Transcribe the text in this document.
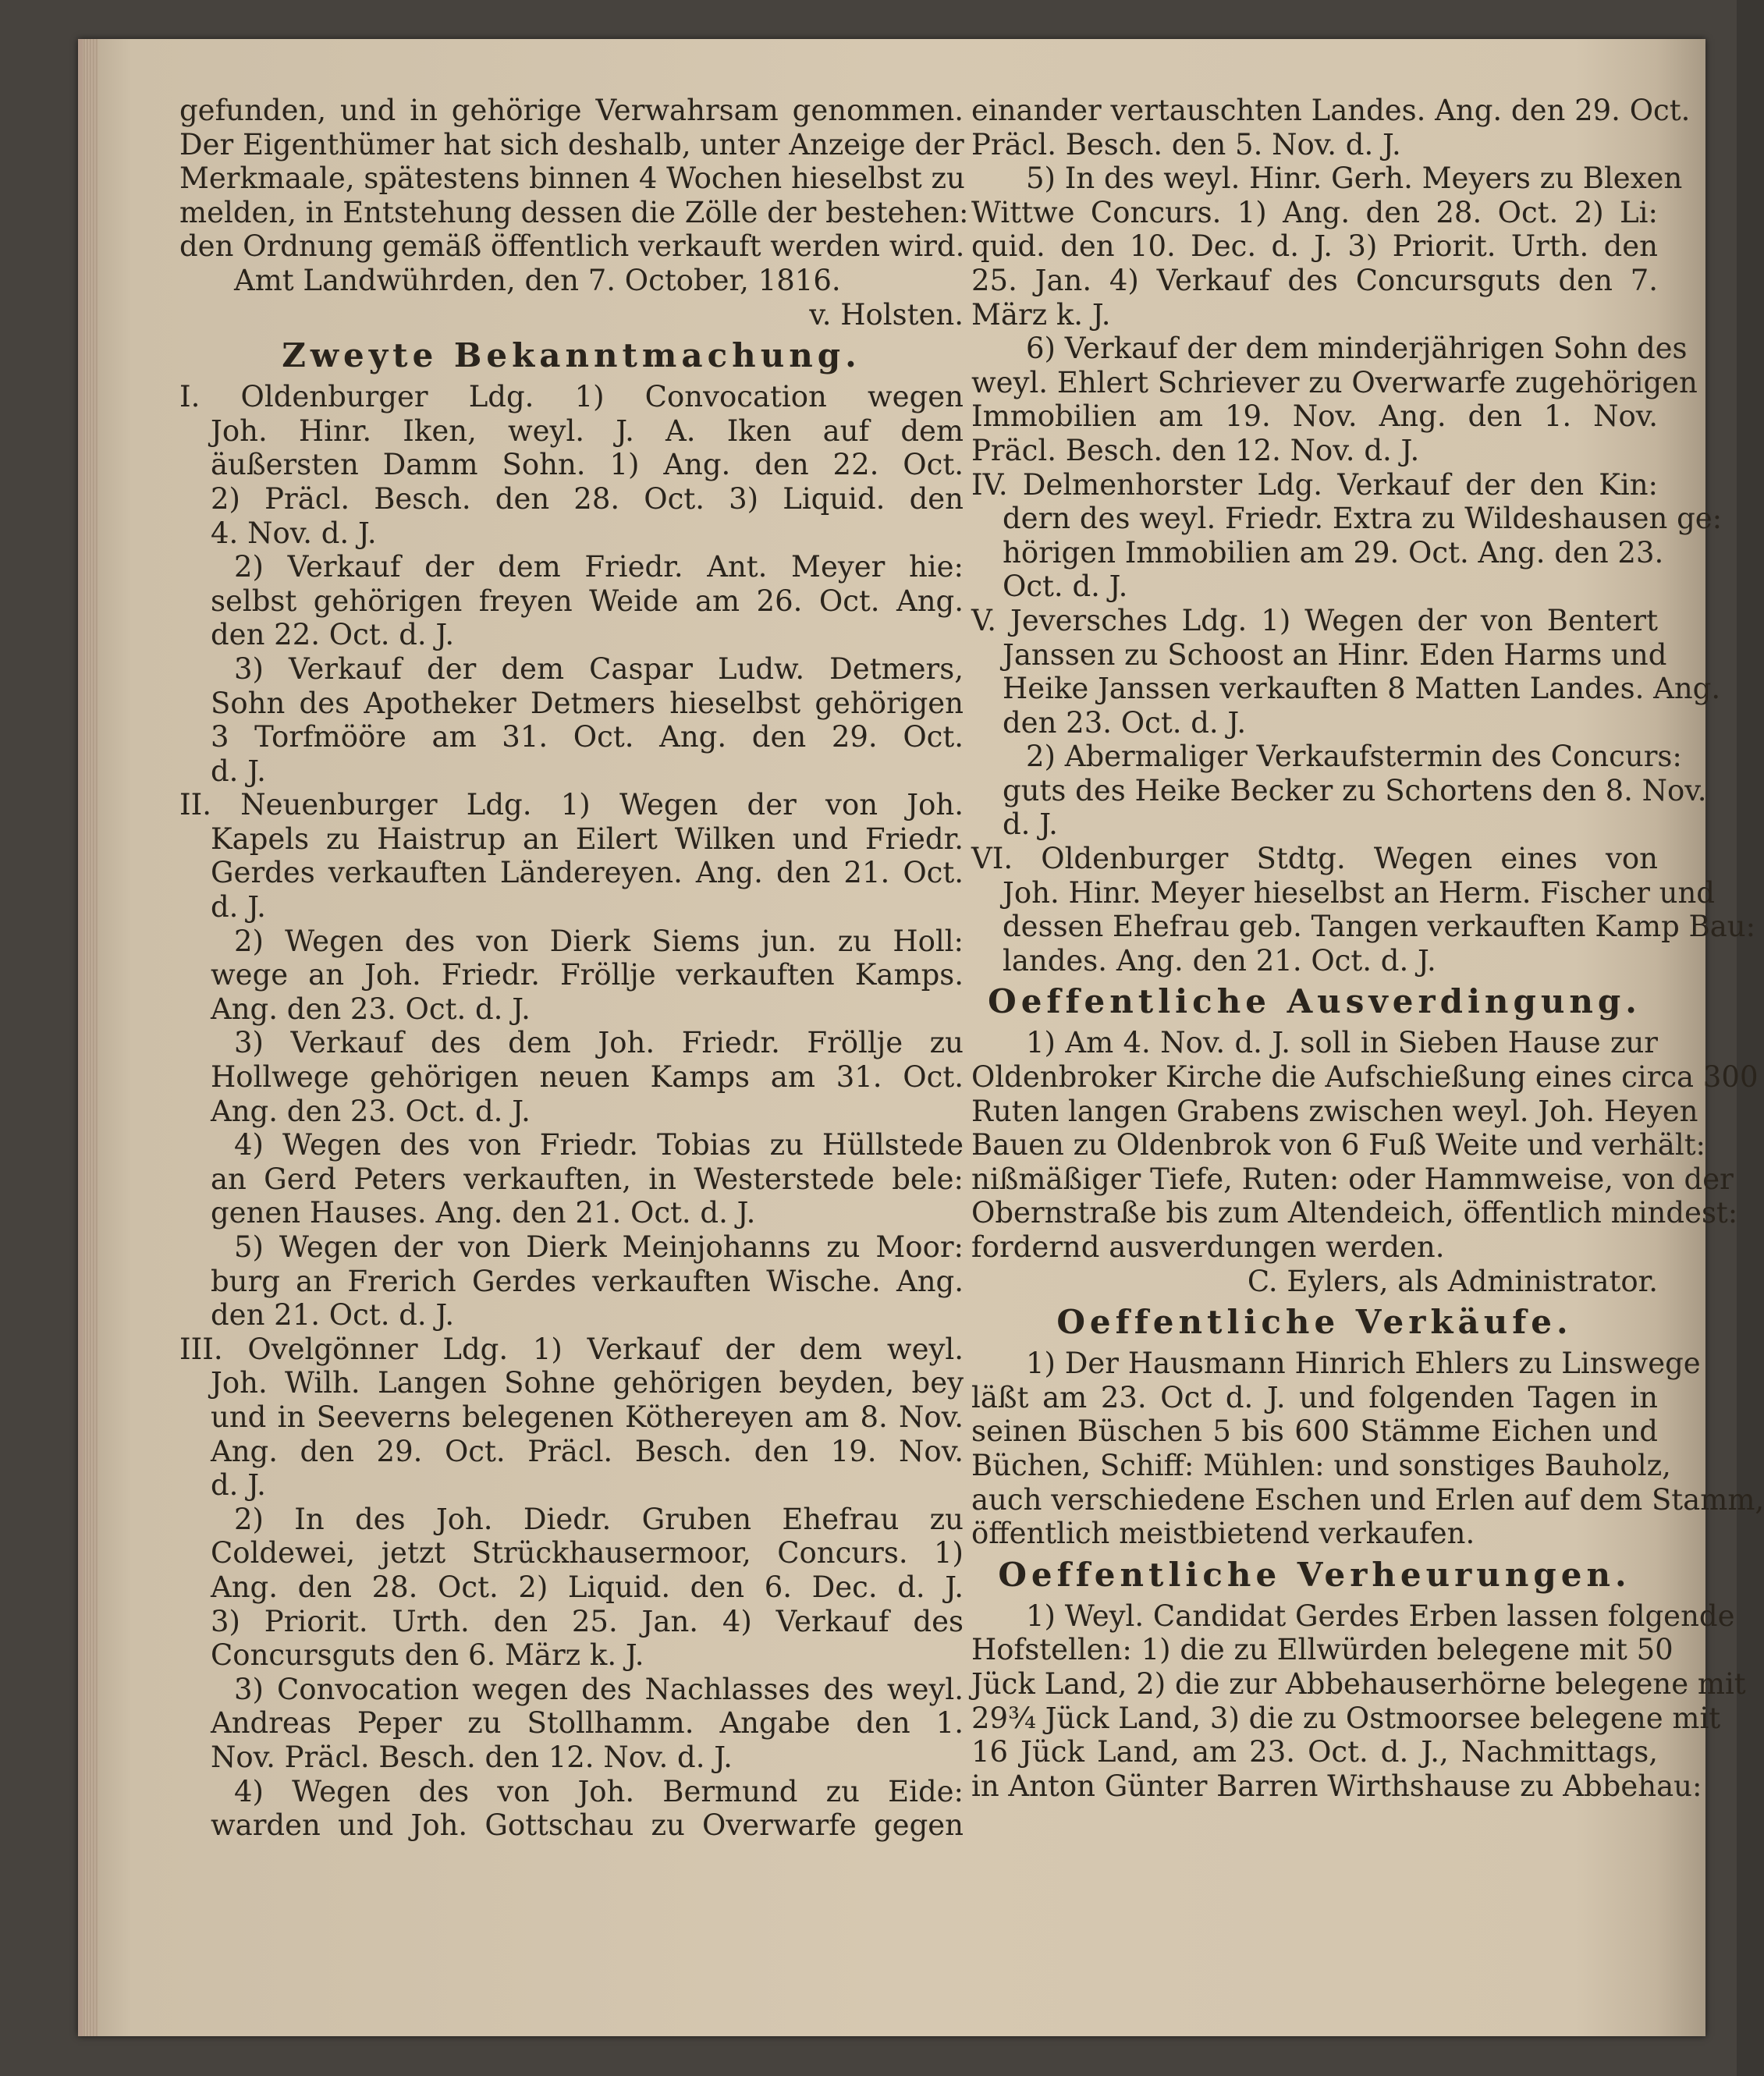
gefunden, und in gehörige Verwahrsam genommen.
Der Eigenthümer hat sich deshalb, unter Anzeige der
Merkmaale, spätestens binnen 4 Wochen hieselbst zu
melden, in Entstehung dessen die Zölle der bestehen:
den Ordnung gemäß öffentlich verkauft werden wird.
Amt Landwührden, den 7. October, 1816.
v. Holsten.
Zweyte Bekanntmachung.
I. Oldenburger Ldg. 1) Convocation wegen
Joh. Hinr. Iken, weyl. J. A. Iken auf dem
äußersten Damm Sohn. 1) Ang. den 22. Oct.
2) Präcl. Besch. den 28. Oct. 3) Liquid. den
4. Nov. d. J.
2) Verkauf der dem Friedr. Ant. Meyer hie:
selbst gehörigen freyen Weide am 26. Oct. Ang.
den 22. Oct. d. J.
3) Verkauf der dem Caspar Ludw. Detmers,
Sohn des Apotheker Detmers hieselbst gehörigen
3 Torfmööre am 31. Oct. Ang. den 29. Oct.
d. J.
II. Neuenburger Ldg. 1) Wegen der von Joh.
Kapels zu Haistrup an Eilert Wilken und Friedr.
Gerdes verkauften Ländereyen. Ang. den 21. Oct.
d. J.
2) Wegen des von Dierk Siems jun. zu Holl:
wege an Joh. Friedr. Fröllje verkauften Kamps.
Ang. den 23. Oct. d. J.
3) Verkauf des dem Joh. Friedr. Fröllje zu
Hollwege gehörigen neuen Kamps am 31. Oct.
Ang. den 23. Oct. d. J.
4) Wegen des von Friedr. Tobias zu Hüllstede
an Gerd Peters verkauften, in Westerstede bele:
genen Hauses. Ang. den 21. Oct. d. J.
5) Wegen der von Dierk Meinjohanns zu Moor:
burg an Frerich Gerdes verkauften Wische. Ang.
den 21. Oct. d. J.
III. Ovelgönner Ldg. 1) Verkauf der dem weyl.
Joh. Wilh. Langen Sohne gehörigen beyden, bey
und in Seeverns belegenen Köthereyen am 8. Nov.
Ang. den 29. Oct. Präcl. Besch. den 19. Nov.
d. J.
2) In des Joh. Diedr. Gruben Ehefrau zu
Coldewei, jetzt Strückhausermoor, Concurs. 1)
Ang. den 28. Oct. 2) Liquid. den 6. Dec. d. J.
3) Priorit. Urth. den 25. Jan. 4) Verkauf des
Concursguts den 6. März k. J.
3) Convocation wegen des Nachlasses des weyl.
Andreas Peper zu Stollhamm. Angabe den 1.
Nov. Präcl. Besch. den 12. Nov. d. J.
4) Wegen des von Joh. Bermund zu Eide:
warden und Joh. Gottschau zu Overwarfe gegen
einander vertauschten Landes. Ang. den 29. Oct.
Präcl. Besch. den 5. Nov. d. J.
5) In des weyl. Hinr. Gerh. Meyers zu Blexen
Wittwe Concurs. 1) Ang. den 28. Oct. 2) Li:
quid. den 10. Dec. d. J. 3) Priorit. Urth. den
25. Jan. 4) Verkauf des Concursguts den 7.
März k. J.
6) Verkauf der dem minderjährigen Sohn des
weyl. Ehlert Schriever zu Overwarfe zugehörigen
Immobilien am 19. Nov. Ang. den 1. Nov.
Präcl. Besch. den 12. Nov. d. J.
IV. Delmenhorster Ldg. Verkauf der den Kin:
dern des weyl. Friedr. Extra zu Wildeshausen ge:
hörigen Immobilien am 29. Oct. Ang. den 23.
Oct. d. J.
V. Jeversches Ldg. 1) Wegen der von Bentert
Janssen zu Schoost an Hinr. Eden Harms und
Heike Janssen verkauften 8 Matten Landes. Ang.
den 23. Oct. d. J.
2) Abermaliger Verkaufstermin des Concurs:
guts des Heike Becker zu Schortens den 8. Nov.
d. J.
VI. Oldenburger Stdtg. Wegen eines von
Joh. Hinr. Meyer hieselbst an Herm. Fischer und
dessen Ehefrau geb. Tangen verkauften Kamp Bau:
landes. Ang. den 21. Oct. d. J.
Oeffentliche Ausverdingung.
1) Am 4. Nov. d. J. soll in Sieben Hause zur
Oldenbroker Kirche die Aufschießung eines circa 300
Ruten langen Grabens zwischen weyl. Joh. Heyen
Bauen zu Oldenbrok von 6 Fuß Weite und verhält:
nißmäßiger Tiefe, Ruten: oder Hammweise, von der
Obernstraße bis zum Altendeich, öffentlich mindest:
fordernd ausverdungen werden.
C. Eylers, als Administrator.
Oeffentliche Verkäufe.
1) Der Hausmann Hinrich Ehlers zu Linswege
läßt am 23. Oct d. J. und folgenden Tagen in
seinen Büschen 5 bis 600 Stämme Eichen und
Büchen, Schiff: Mühlen: und sonstiges Bauholz,
auch verschiedene Eschen und Erlen auf dem Stamm,
öffentlich meistbietend verkaufen.
Oeffentliche Verheurungen.
1) Weyl. Candidat Gerdes Erben lassen folgende
Hofstellen: 1) die zu Ellwürden belegene mit 50
Jück Land, 2) die zur Abbehauserhörne belegene mit
29¾ Jück Land, 3) die zu Ostmoorsee belegene mit
16 Jück Land, am 23. Oct. d. J., Nachmittags,
in Anton Günter Barren Wirthshause zu Abbehau:
